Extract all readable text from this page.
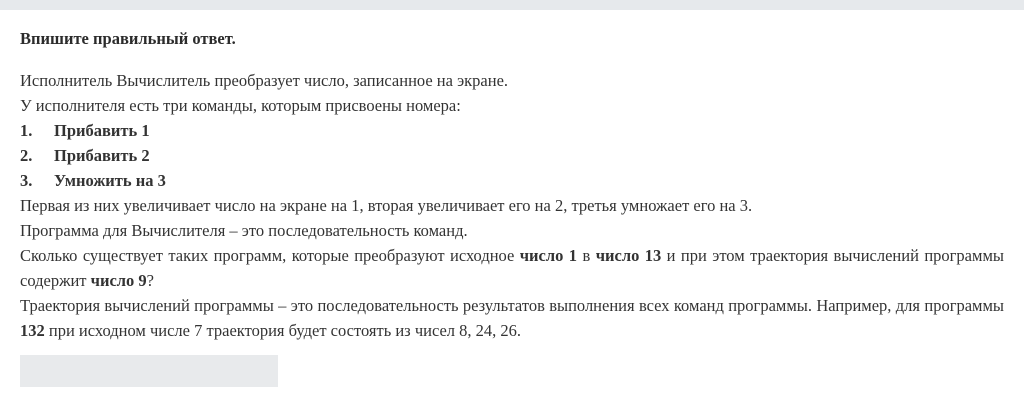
Впишите правильный ответ.

Исполнитель Вычислитель преобразует число, записанное на экране.
У исполнителя есть три команды, которым присвоены номера:
1. Прибавить 1
2. Прибавить 2
3. Умножить на 3
Первая из них увеличивает число на экране на 1, вторая увеличивает его на 2, третья умножает его на 3.
Программа для Вычислителя – это последовательность команд.
Сколько существует таких программ, которые преобразуют исходное число 1 в число 13 и при этом траектория вычислений программы содержит число 9?
Траектория вычислений программы – это последовательность результатов выполнения всех команд программы. Например, для программы 132 при исходном числе 7 траектория будет состоять из чисел 8, 24, 26.
